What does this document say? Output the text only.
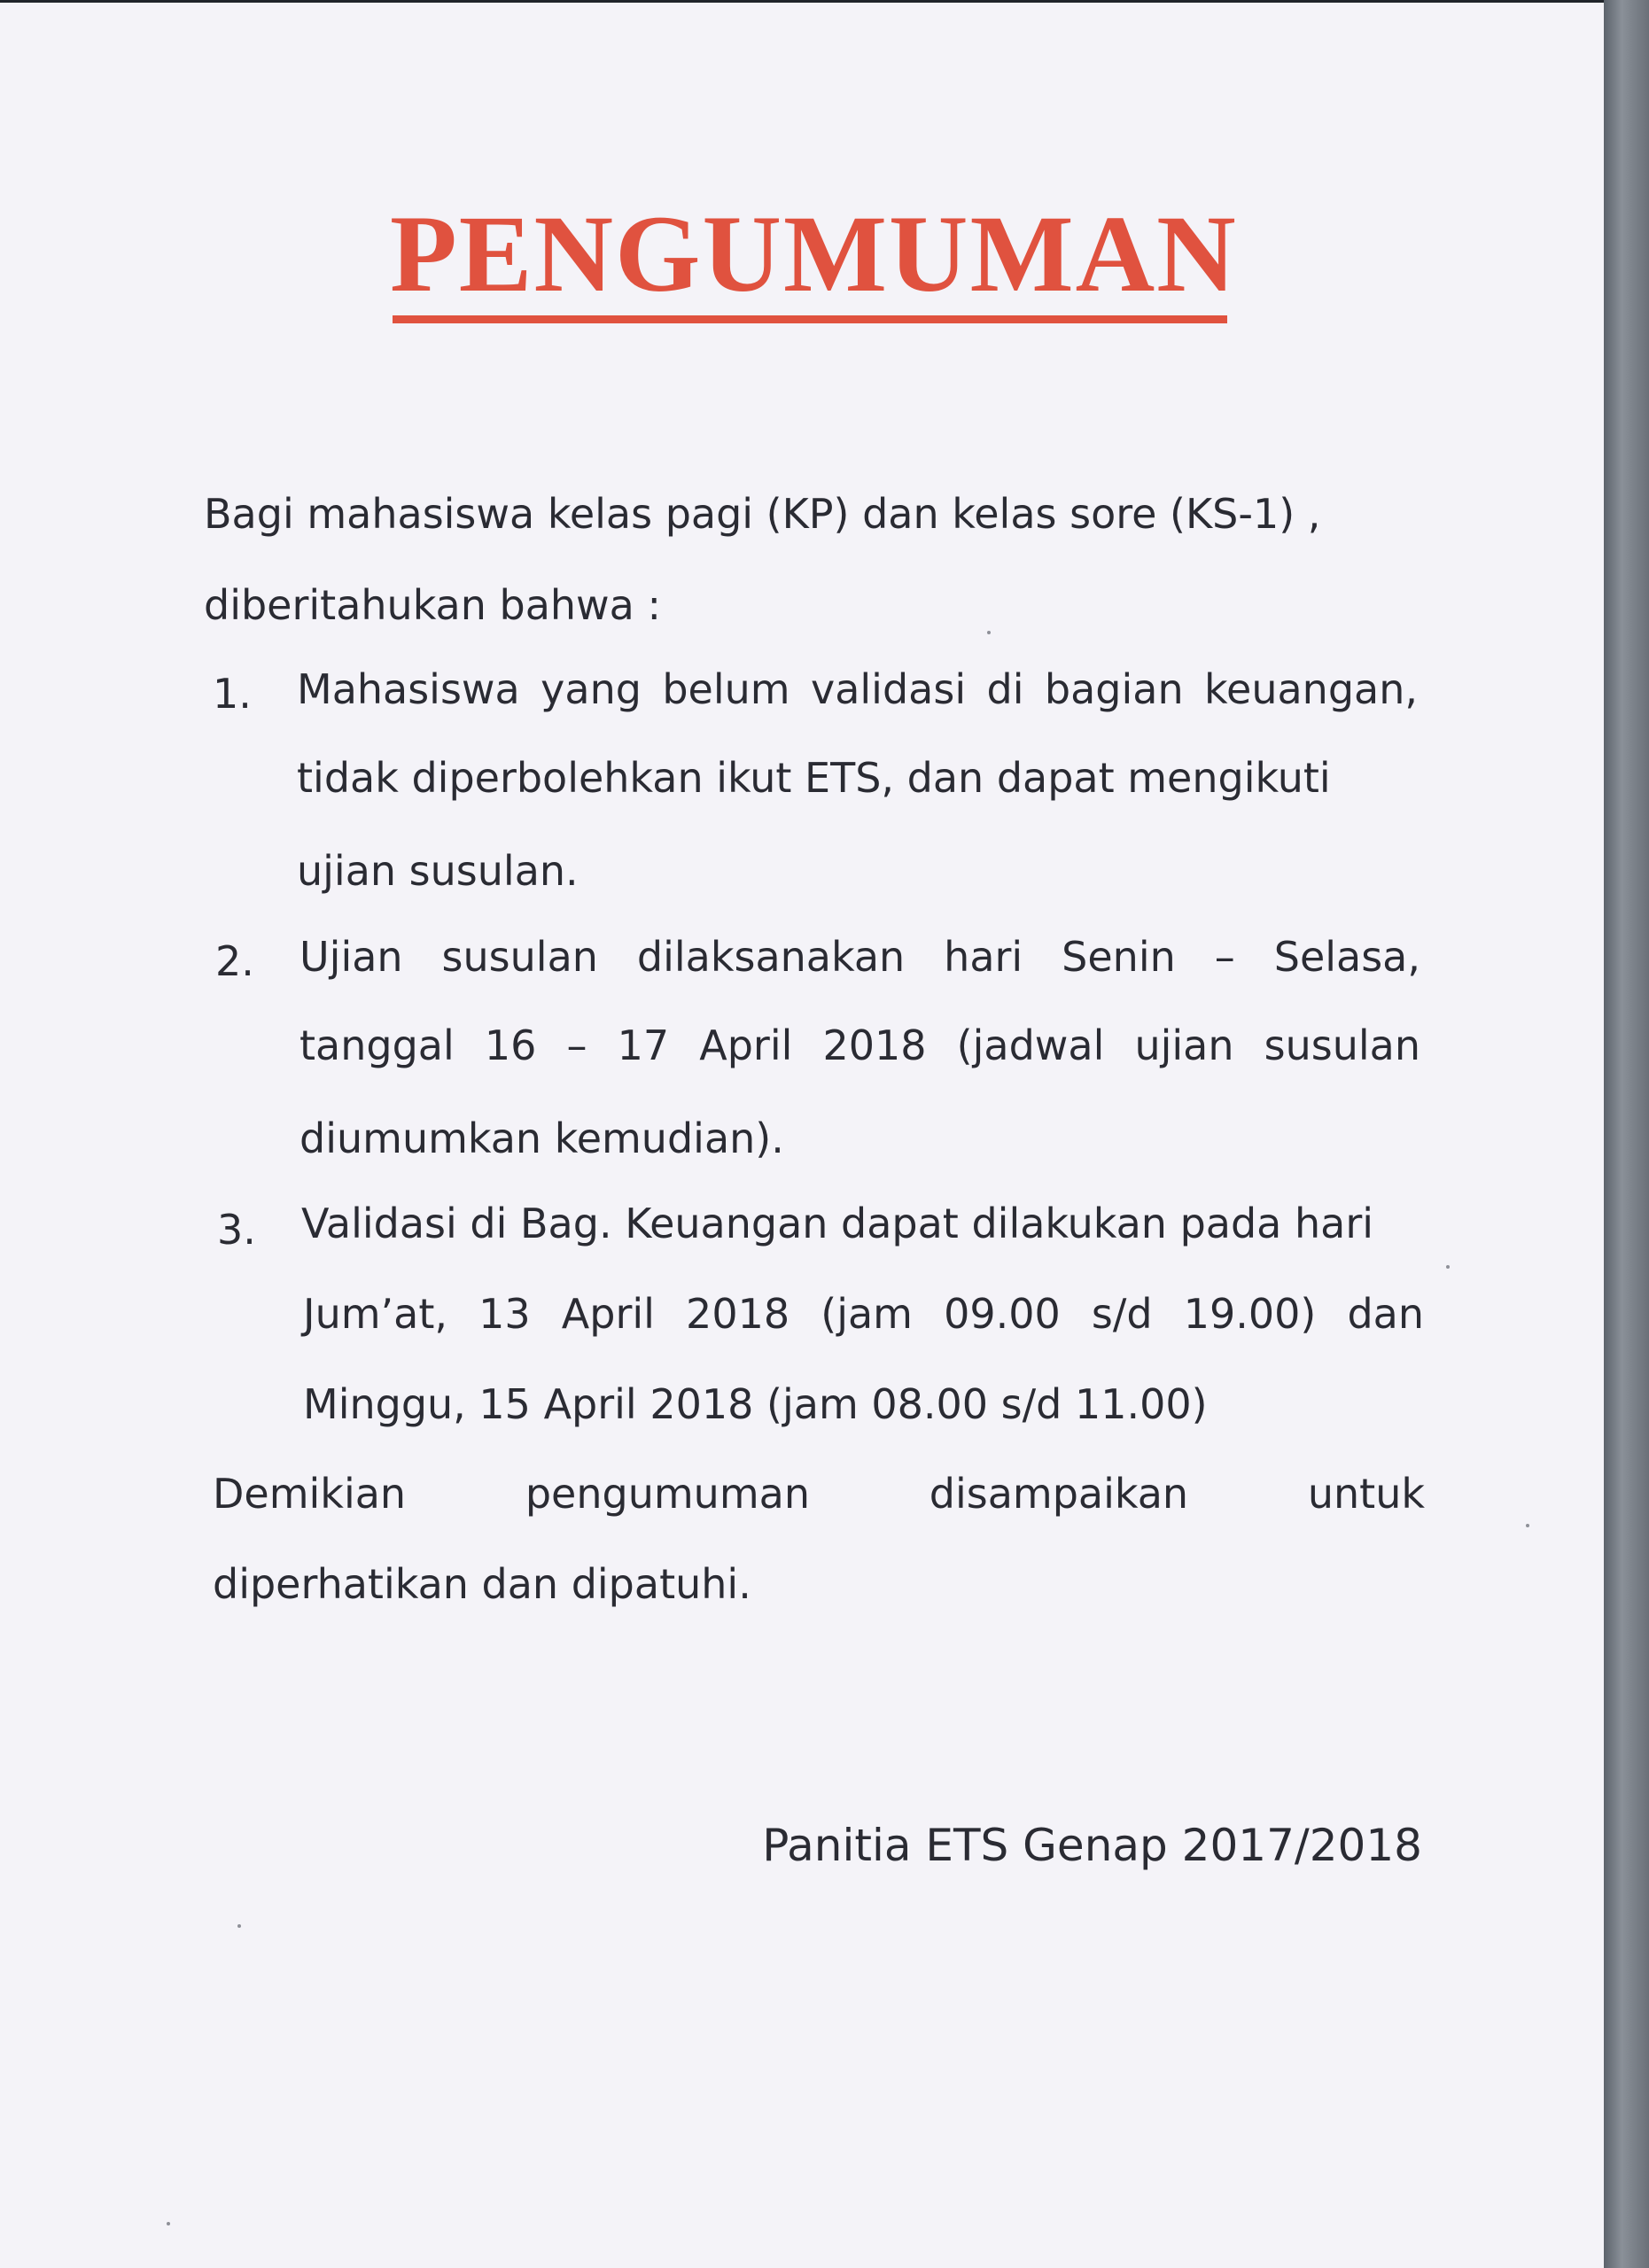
PENGUMUMAN
Bagi mahasiswa kelas pagi (KP) dan kelas sore (KS-1) ,
diberitahukan bahwa :
1. Mahasiswa yang belum validasi di bagian keuangan,
tidak diperbolehkan ikut ETS, dan dapat mengikuti
ujian susulan.
2. Ujian susulan dilaksanakan hari Senin – Selasa,
tanggal 16 – 17 April 2018 (jadwal ujian susulan
diumumkan kemudian).
3. Validasi di Bag. Keuangan dapat dilakukan pada hari
Jum’at, 13 April 2018 (jam 09.00 s/d 19.00) dan
Minggu, 15 April 2018 (jam 08.00 s/d 11.00)
Demikian pengumuman disampaikan untuk
diperhatikan dan dipatuhi.
Panitia ETS Genap 2017/2018
